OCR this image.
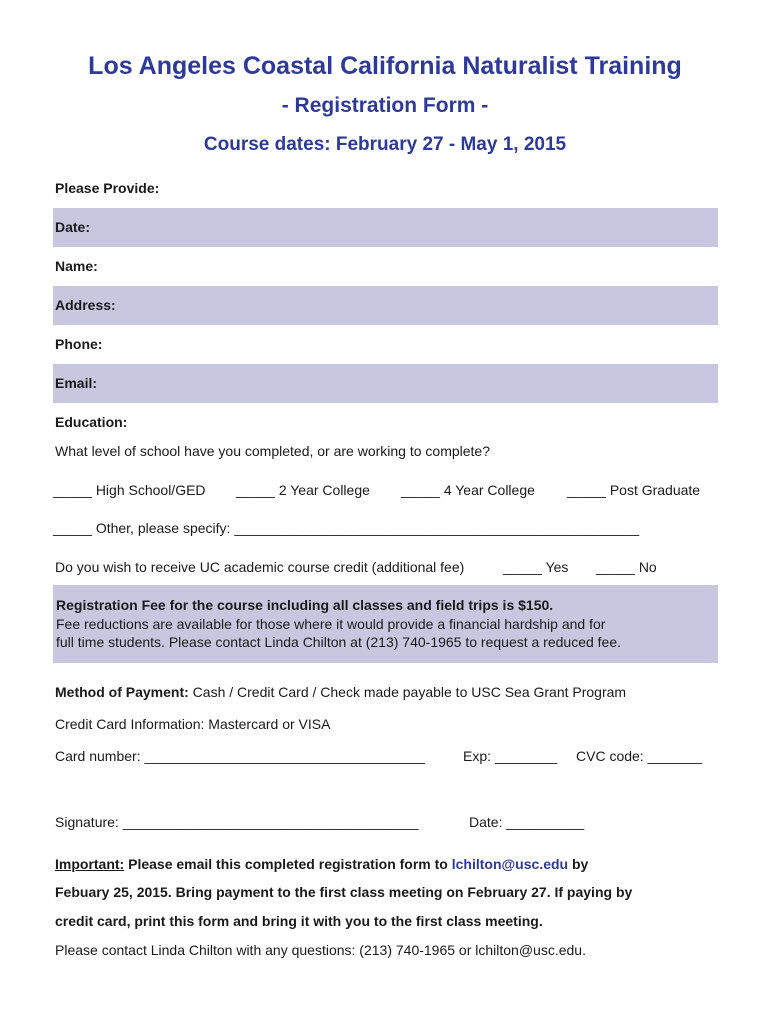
Los Angeles Coastal California Naturalist Training
- Registration Form -
Course dates: February 27 - May 1, 2015
Please Provide:
Date:
Name:
Address:
Phone:
Email:
Education:
What level of school have you completed, or are working to complete?
_____ High School/GED _____ 2 Year College _____ 4 Year College _____ Post Graduate
_____ Other, please specify: ____________________________________________________
Do you wish to receive UC academic course credit (additional fee)	_____ Yes _____ No
Registration Fee for the course including all classes and field trips is $150.
Fee reductions are available for those where it would provide a financial hardship and for
full time students. Please contact Linda Chilton at (213) 740-1965 to request a reduced fee.
Method of Payment: Cash / Credit Card / Check made payable to USC Sea Grant Program
Credit Card Information: Mastercard or VISA
Card number: ____________________________________	Exp: ________ CVC code: _______
Signature: ______________________________________	Date: __________
Important: Please email this completed registration form to lchilton@usc.edu by
Febuary 25, 2015. Bring payment to the first class meeting on February 27. If paying by
credit card, print this form and bring it with you to the first class meeting.
Please contact Linda Chilton with any questions: (213) 740-1965 or lchilton@usc.edu.
